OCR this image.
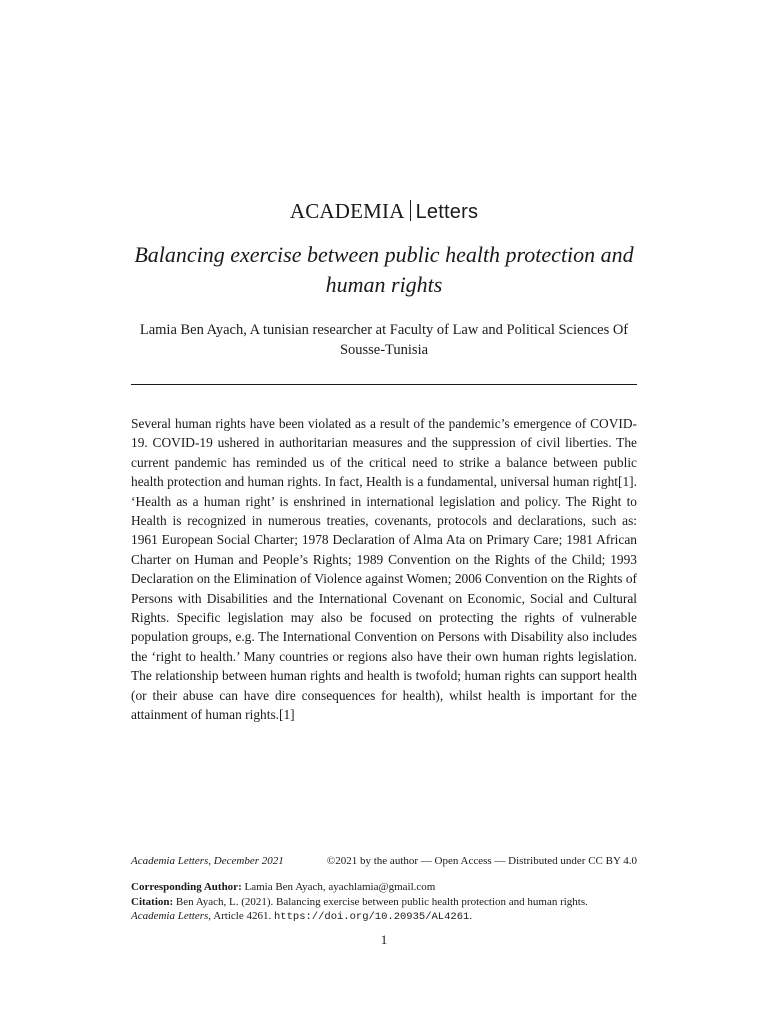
ACADEMIA Letters
Balancing exercise between public health protection and human rights
Lamia Ben Ayach, A tunisian researcher at Faculty of Law and Political Sciences Of Sousse-Tunisia
Several human rights have been violated as a result of the pandemic’s emergence of COVID-19. COVID-19 ushered in authoritarian measures and the suppression of civil liberties. The current pandemic has reminded us of the critical need to strike a balance between public health protection and human rights. In fact, Health is a fundamental, universal human right[1]. ‘Health as a human right’ is enshrined in international legislation and policy. The Right to Health is recognized in numerous treaties, covenants, protocols and declarations, such as: 1961 European Social Charter; 1978 Declaration of Alma Ata on Primary Care; 1981 African Charter on Human and People’s Rights; 1989 Convention on the Rights of the Child; 1993 Declaration on the Elimination of Violence against Women; 2006 Convention on the Rights of Persons with Disabilities and the International Covenant on Economic, Social and Cultural Rights. Specific legislation may also be focused on protecting the rights of vulnerable population groups, e.g. The International Convention on Persons with Disability also includes the ‘right to health.’ Many countries or regions also have their own human rights legislation. The relationship between human rights and health is twofold; human rights can support health (or their abuse can have dire consequences for health), whilst health is important for the attainment of human rights.[1]
Academia Letters, December 2021	©2021 by the author — Open Access — Distributed under CC BY 4.0
Corresponding Author: Lamia Ben Ayach, ayachlamia@gmail.com
Citation: Ben Ayach, L. (2021). Balancing exercise between public health protection and human rights.
Academia Letters, Article 4261. https://doi.org/10.20935/AL4261.
1
